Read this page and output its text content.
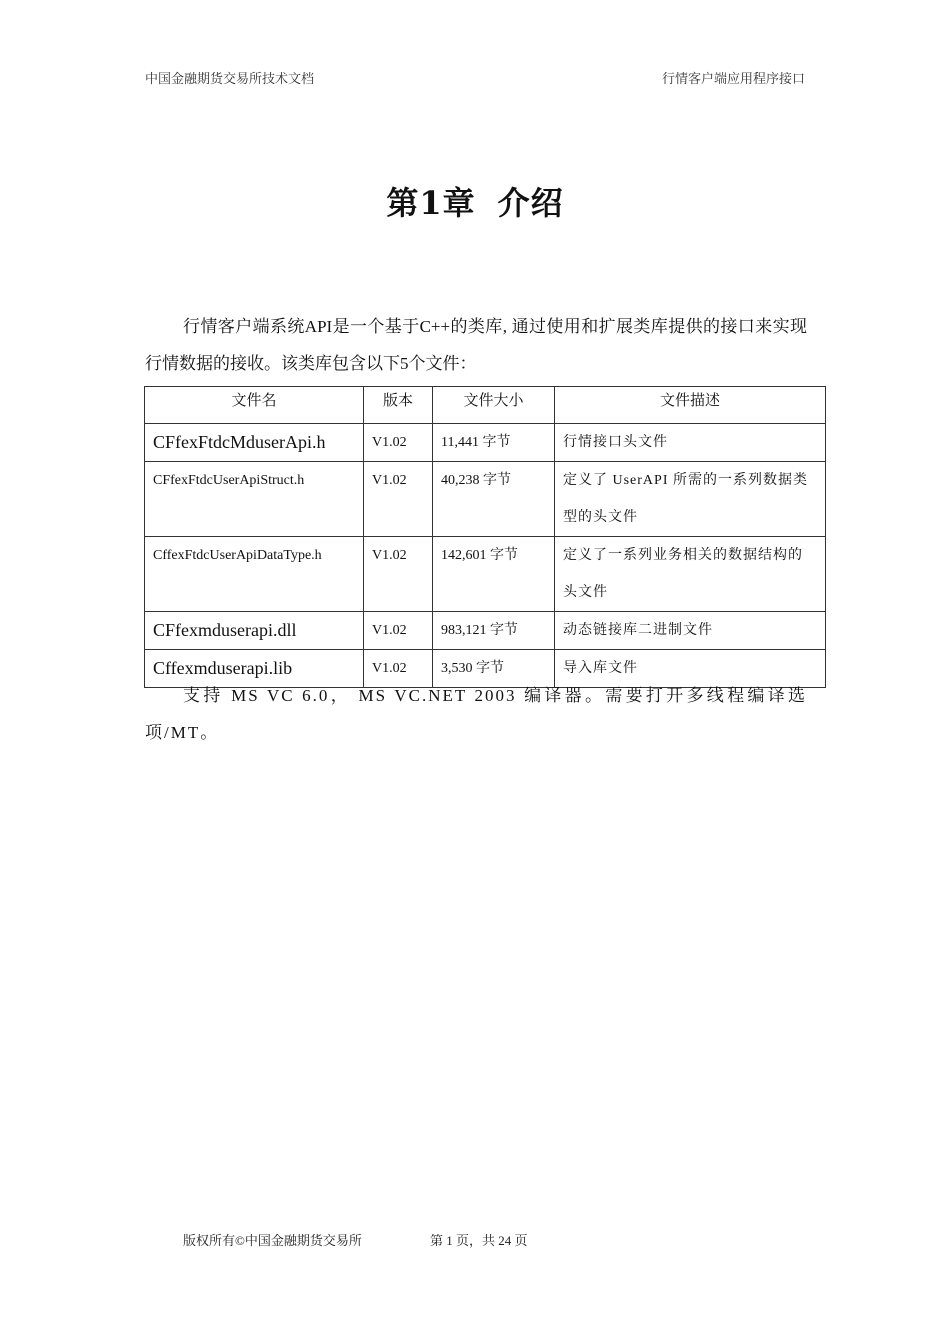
中国金融期货交易所技术文档	行情客户端应用程序接口
第1章 介绍
行情客户端系统API是一个基于C++的类库, 通过使用和扩展类库提供的接口来实现行情数据的接收。该类库包含以下5个文件：
文件名	版本	文件大小	文件描述
CFfexFtdcMduserApi.h	V1.02	11,441 字节	行情接口头文件
CFfexFtdcUserApiStruct.h	V1.02	40,238 字节	定义了 UserAPI 所需的一系列数据类型的头文件
CffexFtdcUserApiDataType.h	V1.02	142,601 字节	定义了一系列业务相关的数据结构的头文件
CFfexmduserapi.dll	V1.02	983,121 字节	动态链接库二进制文件
Cffexmduserapi.lib	V1.02	3,530 字节	导入库文件
支持 MS VC 6.0， MS VC.NET 2003 编译器。需要打开多线程编译选项/MT。
版权所有©中国金融期货交易所	第 1 页，共 24 页
